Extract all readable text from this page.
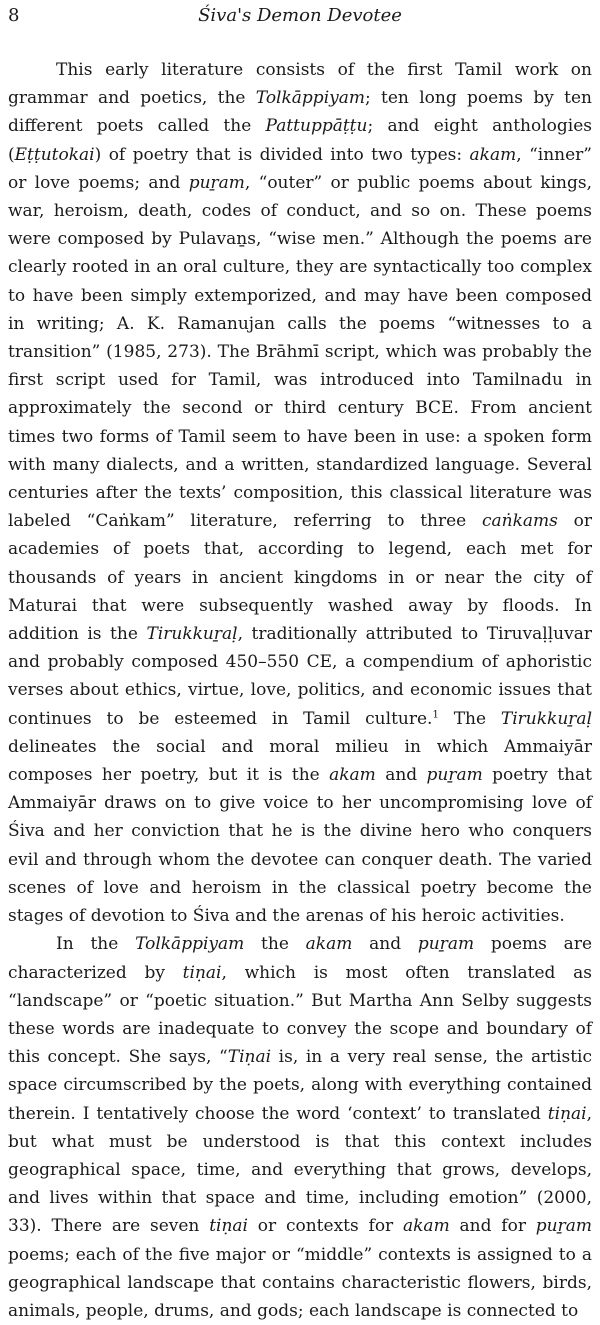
8	Śiva's Demon Devotee

This early literature consists of the first Tamil work on grammar and poetics, the Tolkāppiyam; ten long poems by ten different poets called the Pattuppāṭṭu; and eight anthologies (Eṭṭutokai) of poetry that is divided into two types: akam, “inner” or love poems; and puṟam, “outer” or public poems about kings, war, heroism, death, codes of conduct, and so on. These poems were composed by Pulavaṉs, “wise men.” Although the poems are clearly rooted in an oral culture, they are syntactically too complex to have been simply extemporized, and may have been composed in writing; A. K. Ramanujan calls the poems “witnesses to a transition” (1985, 273). The Brāhmī script, which was probably the first script used for Tamil, was introduced into Tamilnadu in approximately the second or third century BCE. From ancient times two forms of Tamil seem to have been in use: a spoken form with many dialects, and a written, standardized language. Several centuries after the texts’ composition, this classical literature was labeled “Caṅkam” literature, referring to three caṅkams or academies of poets that, according to legend, each met for thousands of years in ancient kingdoms in or near the city of Maturai that were subsequently washed away by floods. In addition is the Tirukkuṟaḷ, traditionally attributed to Tiruvaḷḷuvar and probably composed 450–550 CE, a compendium of aphoristic verses about ethics, virtue, love, politics, and economic issues that continues to be esteemed in Tamil culture.$^1$ The Tirukkuṟaḷ delineates the social and moral milieu in which Ammaiyār composes her poetry, but it is the akam and puṟam poetry that Ammaiyār draws on to give voice to her uncompromising love of Śiva and her conviction that he is the divine hero who conquers evil and through whom the devotee can conquer death. The varied scenes of love and heroism in the classical poetry become the stages of devotion to Śiva and the arenas of his heroic activities.

In the Tolkāppiyam the akam and puṟam poems are characterized by tiṇai, which is most often translated as “landscape” or “poetic situation.” But Martha Ann Selby suggests these words are inadequate to convey the scope and boundary of this concept. She says, “Tiṇai is, in a very real sense, the artistic space circumscribed by the poets, along with everything contained therein. I tentatively choose the word ‘context’ to translated tiṇai, but what must be understood is that this context includes geographical space, time, and everything that grows, develops, and lives within that space and time, including emotion” (2000, 33). There are seven tiṇai or contexts for akam and for puṟam poems; each of the five major or “middle” contexts is assigned to a geographical landscape that contains characteristic flowers, birds, animals, people, drums, and gods; each landscape is connected to
